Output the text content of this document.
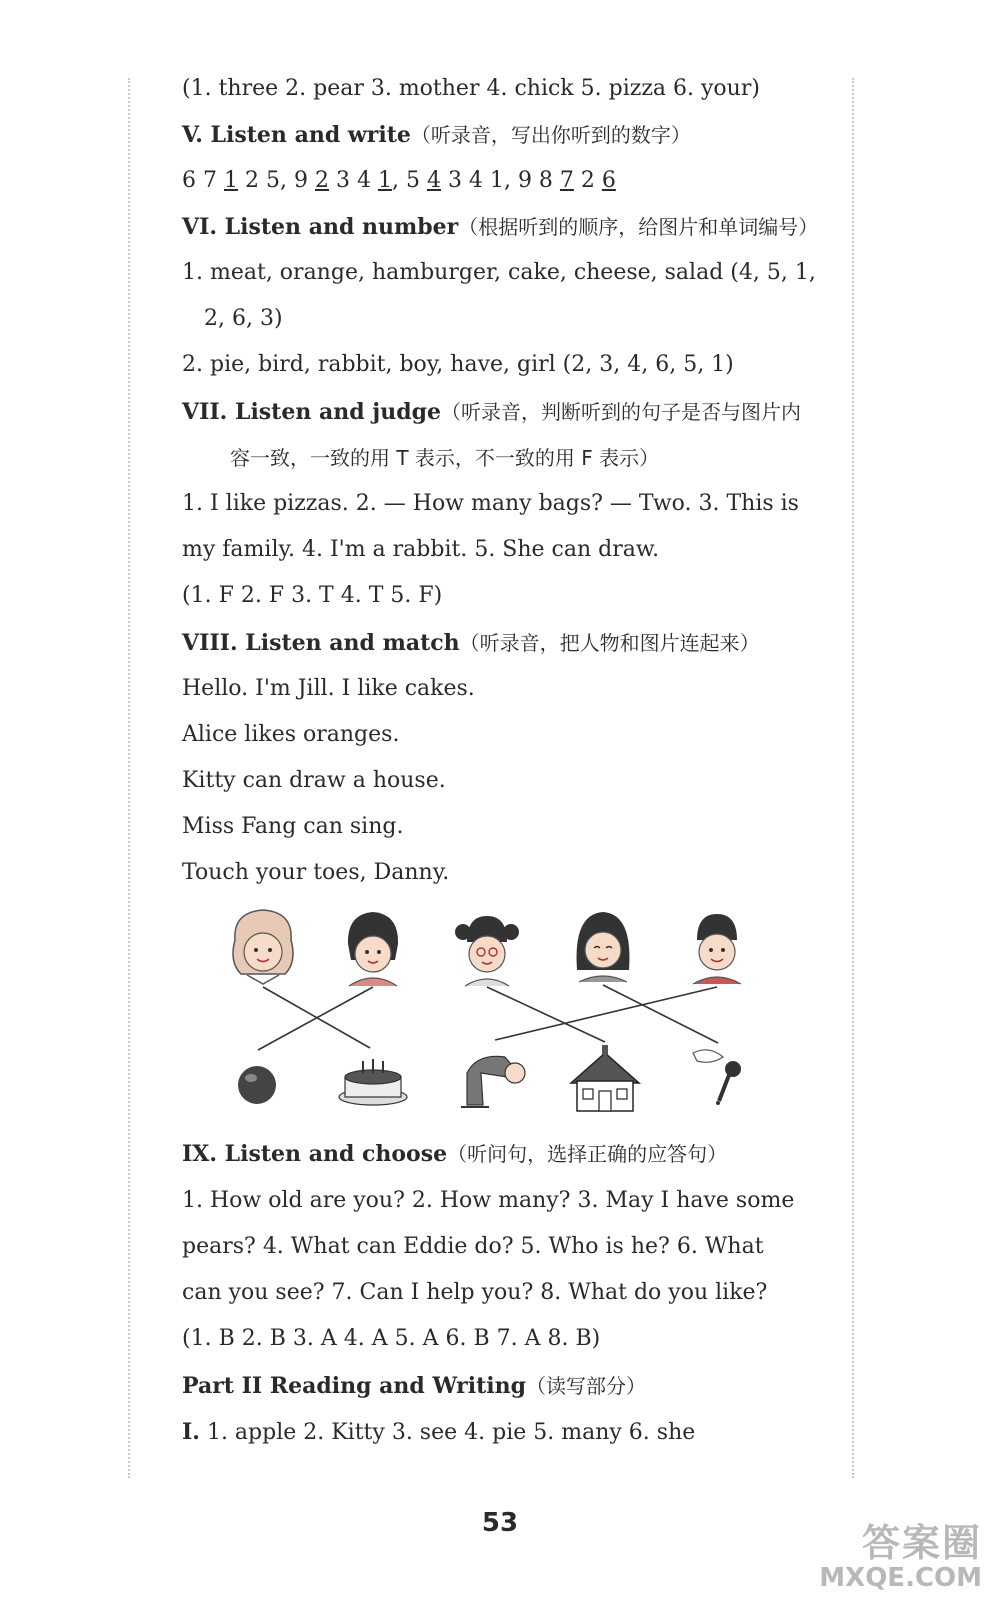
(1. three 2. pear 3. mother 4. chick 5. pizza 6. your)
V. Listen and write（听录音，写出你听到的数字）
6 7 1 2 5, 9 2 3 4 1, 5 4 3 4 1, 9 8 7 2 6
VI. Listen and number（根据听到的顺序，给图片和单词编号）
1. meat, orange, hamburger, cake, cheese, salad (4, 5, 1,
2, 6, 3)
2. pie, bird, rabbit, boy, have, girl (2, 3, 4, 6, 5, 1)
VII. Listen and judge（听录音，判断听到的句子是否与图片内
容一致，一致的用 T 表示，不一致的用 F 表示）
1. I like pizzas. 2. — How many bags? — Two. 3. This is
my family. 4. I'm a rabbit. 5. She can draw.
(1. F 2. F 3. T 4. T 5. F)
VIII. Listen and match（听录音，把人物和图片连起来）
Hello. I'm Jill. I like cakes.
Alice likes oranges.
Kitty can draw a house.
Miss Fang can sing.
Touch your toes, Danny.
IX. Listen and choose（听问句，选择正确的应答句）
1. How old are you? 2. How many? 3. May I have some
pears? 4. What can Eddie do? 5. Who is he? 6. What
can you see? 7. Can I help you? 8. What do you like?
(1. B 2. B 3. A 4. A 5. A 6. B 7. A 8. B)
Part II Reading and Writing（读写部分）
I. 1. apple 2. Kitty 3. see 4. pie 5. many 6. she
53	答案圈
MXQE.COM
